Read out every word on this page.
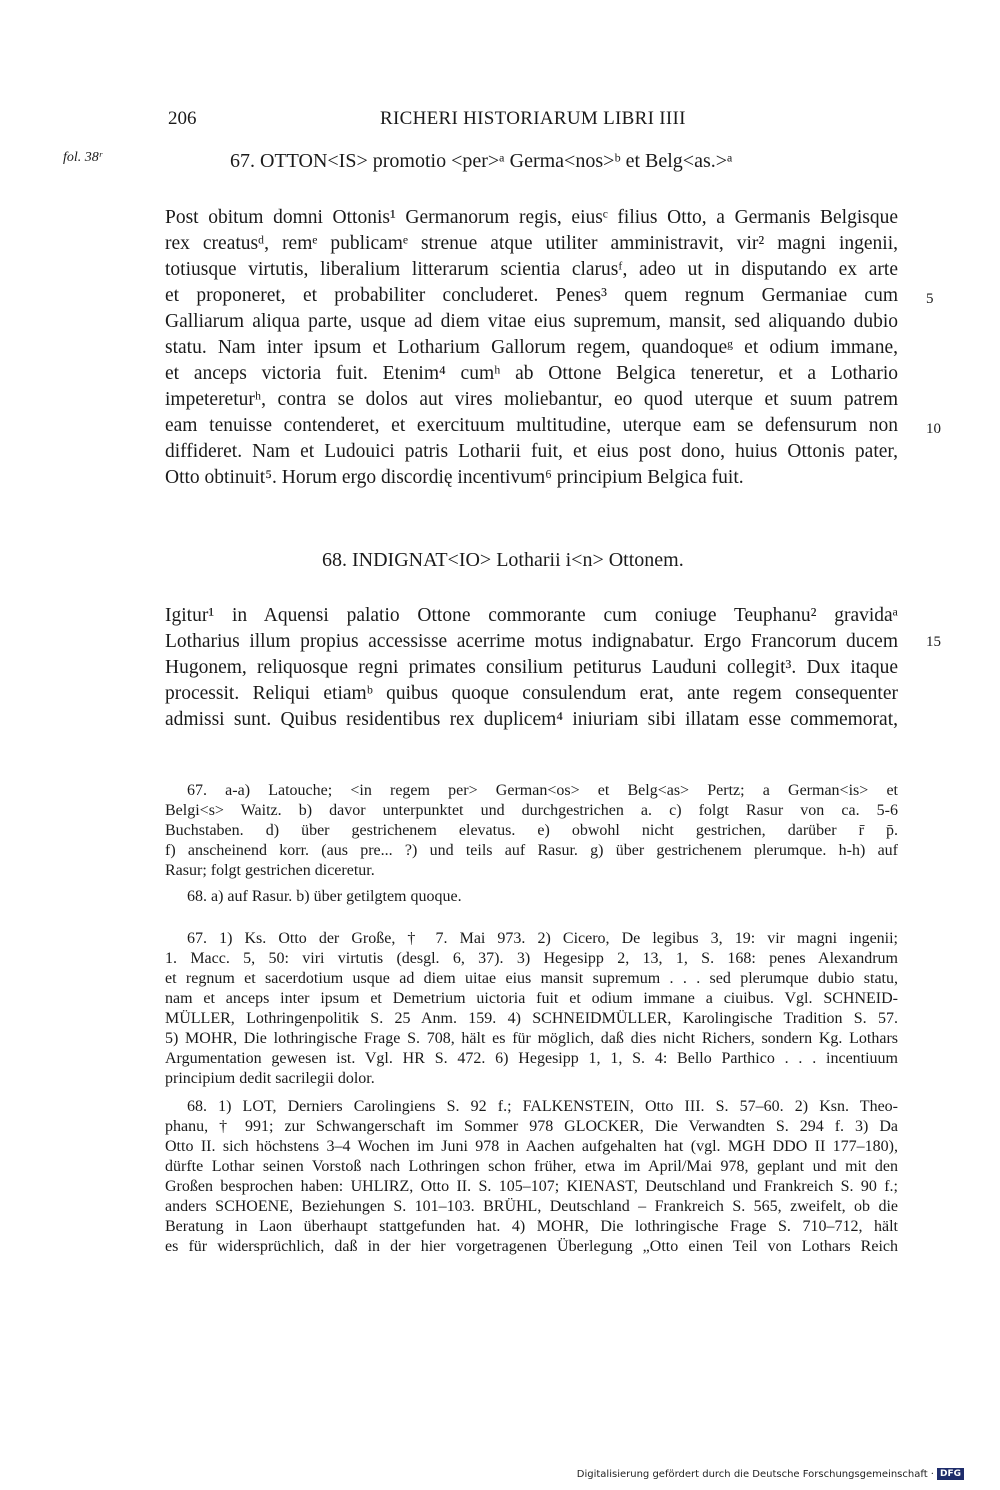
206	RICHERI HISTORIARUM LIBRI IIII
fol. 38ʳ	67. OTTON<IS> promotio <per>ᵃ Germa<nos>ᵇ et Belg<as.>ᵃ
Post obitum domni Ottonis¹ Germanorum regis, eiusᶜ filius Otto, a Germanis Belgisque
rex creatusᵈ, remᵉ publicamᵉ strenue atque utiliter amministravit, vir² magni ingenii,
totiusque virtutis, liberalium litterarum scientia clarusᶠ, adeo ut in disputando ex arte
et proponeret, et probabiliter concluderet. Penes³ quem regnum Germaniae cum
Galliarum aliqua parte, usque ad diem vitae eius supremum, mansit, sed aliquando dubio
statu. Nam inter ipsum et Lotharium Gallorum regem, quandoqueᵍ et odium immane,
et anceps victoria fuit. Etenim⁴ cumʰ ab Ottone Belgica teneretur, et a Lothario
impetereturʰ, contra se dolos aut vires moliebantur, eo quod uterque et suum patrem
eam tenuisse contenderet, et exercituum multitudine, uterque eam se defensurum non
diffideret. Nam et Ludouici patris Lotharii fuit, et eius post dono, huius Ottonis pater,
Otto obtinuit⁵. Horum ergo discordię incentivum⁶ principium Belgica fuit.
5
10
15
68. INDIGNAT<IO> Lotharii i<n> Ottonem.
Igitur¹ in Aquensi palatio Ottone commorante cum coniuge Teuphanu² gravidaᵃ
Lotharius illum propius accessisse acerrime motus indignabatur. Ergo Francorum ducem
Hugonem, reliquosque regni primates consilium petiturus Lauduni collegit³. Dux itaque
processit. Reliqui etiamᵇ quibus quoque consulendum erat, ante regem consequenter
admissi sunt. Quibus residentibus rex duplicem⁴ iniuriam sibi illatam esse commemorat,
67. a-a) Latouche; <in regem per> German<os> et Belg<as> Pertz; a German<is> et
Belgi<s> Waitz. b) davor unterpunktet und durchgestrichen a. c) folgt Rasur von ca. 5-6
Buchstaben. d) über gestrichenem elevatus. e) obwohl nicht gestrichen, darüber r̄ p̄.
f) anscheinend korr. (aus pre... ?) und teils auf Rasur. g) über gestrichenem plerumque. h-h) auf
Rasur; folgt gestrichen diceretur.
68. a) auf Rasur. b) über getilgtem quoque.
67. 1) Ks. Otto der Große, † 7. Mai 973. 2) Cicero, De legibus 3, 19: vir magni ingenii;
1. Macc. 5, 50: viri virtutis (desgl. 6, 37). 3) Hegesipp 2, 13, 1, S. 168: penes Alexandrum
et regnum et sacerdotium usque ad diem uitae eius mansit supremum . . . sed plerumque dubio statu,
nam et anceps inter ipsum et Demetrium uictoria fuit et odium immane a ciuibus. Vgl. SCHNEID-
MÜLLER, Lothringenpolitik S. 25 Anm. 159. 4) SCHNEIDMÜLLER, Karolingische Tradition S. 57.
5) MOHR, Die lothringische Frage S. 708, hält es für möglich, daß dies nicht Richers, sondern Kg. Lothars
Argumentation gewesen ist. Vgl. HR S. 472. 6) Hegesipp 1, 1, S. 4: Bello Parthico . . . incentiuum
principium dedit sacrilegii dolor.
68. 1) LOT, Derniers Carolingiens S. 92 f.; FALKENSTEIN, Otto III. S. 57–60. 2) Ksn. Theo-
phanu, † 991; zur Schwangerschaft im Sommer 978 GLOCKER, Die Verwandten S. 294 f. 3) Da
Otto II. sich höchstens 3–4 Wochen im Juni 978 in Aachen aufgehalten hat (vgl. MGH DDO II 177–180),
dürfte Lothar seinen Vorstoß nach Lothringen schon früher, etwa im April/Mai 978, geplant und mit den
Großen besprochen haben: UHLIRZ, Otto II. S. 105–107; KIENAST, Deutschland und Frankreich S. 90 f.;
anders SCHOENE, Beziehungen S. 101–103. BRÜHL, Deutschland – Frankreich S. 565, zweifelt, ob die
Beratung in Laon überhaupt stattgefunden hat. 4) MOHR, Die lothringische Frage S. 710–712, hält
es für widersprüchlich, daß in der hier vorgetragenen Überlegung „Otto einen Teil von Lothars Reich
Digitalisierung gefördert durch die Deutsche Forschungsgemeinschaft · DFG
